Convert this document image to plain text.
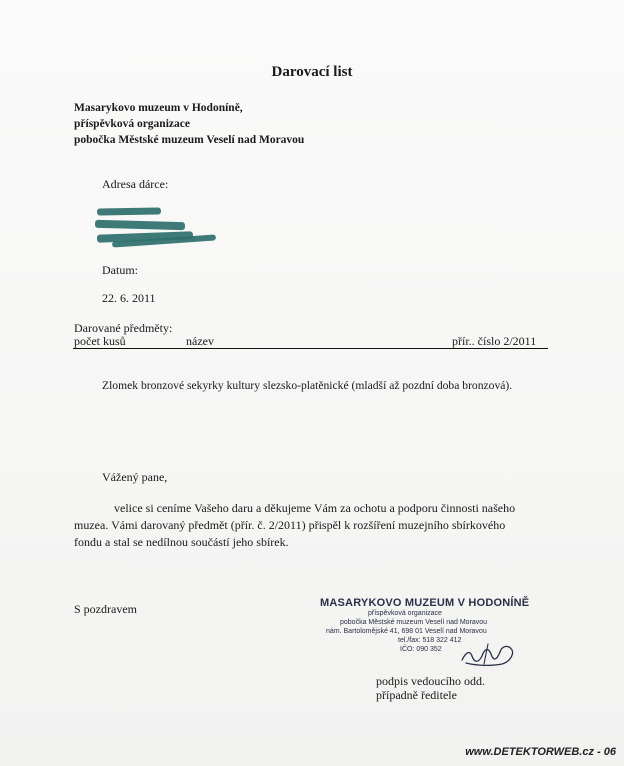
Darovací list
Masarykovo muzeum v Hodoníně,
příspěvková organizace
pobočka Městské muzeum Veselí nad Moravou
Adresa dárce:
Datum:
22. 6. 2011
Darované předměty:
počet kusů	název	přír.. číslo 2/2011
Zlomek bronzové sekyrky kultury slezsko-platěnické (mladší až pozdní doba bronzová).
Vážený pane,
velice si ceníme Vašeho daru a děkujeme Vám za ochotu a podporu činnosti našeho
muzea. Vámi darovaný předmět (přír. č. 2/2011) přispěl k rozšíření muzejního sbírkového
fondu a stal se nedílnou součástí jeho sbírek.
S pozdravem	MASARYKOVO MUZEUM V HODONÍNĚ
příspěvková organizace
pobočka Městské muzeum Veselí nad Moravou
nám. Bartolomějské 41, 698 01 Veselí nad Moravou
tel./fax: 518 322 412
IČO: 090 352
podpis vedoucího odd.
případně ředitele
www.DETEKTORWEB.cz - 06
